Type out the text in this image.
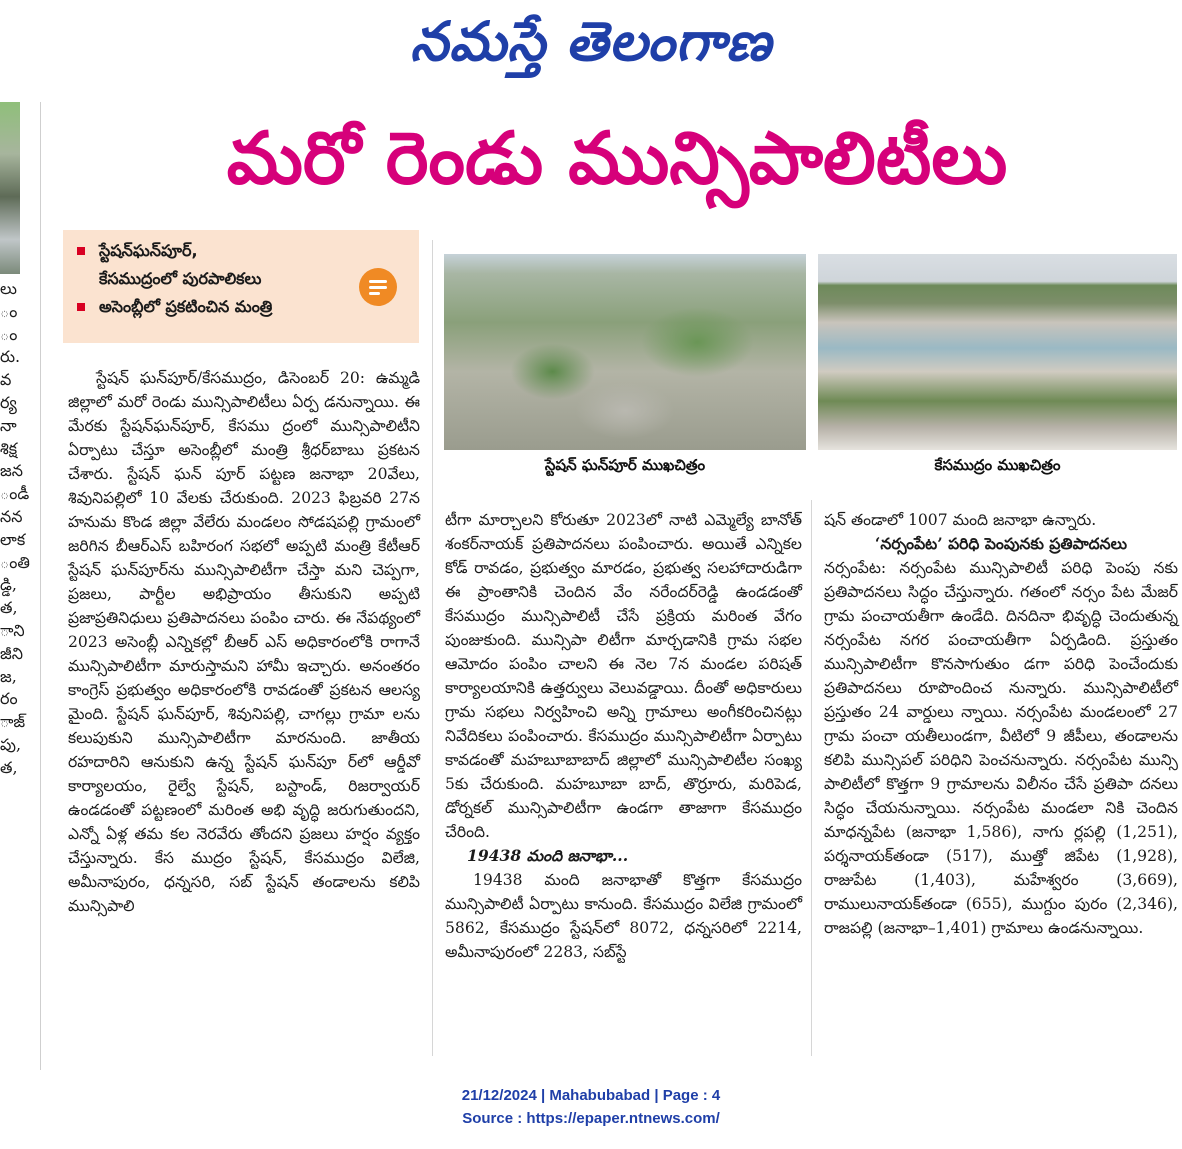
నమస్తే తెలంగాణ
లు
ం
ం
రు.
వ
ర్య
నా
శిక్ష
జన
ండీ
నన
లాక
ంతి
డ్డి,
త,
ాని
జీని
జ,
రం
ాజ్
పు,
త,
మరో రెండు మున్సిపాలిటీలు
స్టేషన్‌ఘన్‌పూర్,
కేసముద్రంలో పురపాలికలు
అసెంబ్లీలో ప్రకటించిన మంత్రి

స్టేషన్ ఘన్‌పూర్/కేసముద్రం, డిసెంబర్ 20: ఉమ్మడి జిల్లాలో మరో రెండు మున్సిపాలిటీలు ఏర్ప డనున్నాయి. ఈ మేరకు స్టేషన్‌ఘన్‌పూర్, కేసము ద్రంలో మున్సిపాలిటీని ఏర్పాటు చేస్తూ అసెంబ్లీలో మంత్రి శ్రీధర్‌బాబు ప్రకటన చేశారు. స్టేషన్ ఘన్ పూర్ పట్టణ జనాభా 20వేలు, శివునిపల్లిలో 10 వేలకు చేరుకుంది. 2023 ఫిబ్రవరి 27న హనుమ కొండ జిల్లా వేలేరు మండలం సోడషపల్లి గ్రామంలో జరిగిన బీఆర్‌ఎస్ బహిరంగ సభలో అప్పటి మంత్రి కేటీఆర్ స్టేషన్ ఘన్‌పూర్‌ను మున్సిపాలిటీగా చేస్తా మని చెప్పగా, ప్రజలు, పార్టీల అభిప్రాయం తీసుకుని అప్పటి ప్రజాప్రతినిధులు ప్రతిపాదనలు పంపిం చారు. ఈ నేపథ్యంలో 2023 అసెంబ్లీ ఎన్నికల్లో బీఆర్ ఎస్ అధికారంలోకి రాగానే మున్సిపాలిటీగా మారుస్తామని హామీ ఇచ్చారు. అనంతరం కాంగ్రెస్ ప్రభుత్వం అధికారంలోకి రావడంతో ప్రకటన ఆలస్య మైంది. స్టేషన్ ఘన్‌పూర్, శివునిపల్లి, చాగల్లు గ్రామా లను కలుపుకుని మున్సిపాలిటీగా మారనుంది. జాతీయ రహదారిని ఆనుకుని ఉన్న స్టేషన్ ఘన్‌పూ ర్‌లో ఆర్డీవో కార్యాలయం, రైల్వే స్టేషన్, బస్టాండ్, రిజర్వాయర్ ఉండడంతో పట్టణంలో మరింత అభి వృద్ధి జరుగుతుందని, ఎన్నో ఏళ్ల తమ కల నెరవేరు తోందని ప్రజలు హర్షం వ్యక్తం చేస్తున్నారు. కేస ముద్రం స్టేషన్, కేసముద్రం విలేజి, అమీనాపురం, ధన్నసరి, సబ్ స్టేషన్ తండాలను కలిపి మున్సిపాలి

స్టేషన్ ఘన్‌పూర్ ముఖచిత్రం	కేసముద్రం ముఖచిత్రం

టీగా మార్చాలని కోరుతూ 2023లో నాటి ఎమ్మెల్యే బానోత్ శంకర్‌నాయక్ ప్రతిపాదనలు పంపించారు. అయితే ఎన్నికల కోడ్ రావడం, ప్రభుత్వం మారడం, ప్రభుత్వ సలహాదారుడిగా ఈ ప్రాంతానికి చెందిన వేం నరేందర్‌రెడ్డి ఉండడంతో కేసముద్రం మున్సిపాలిటీ చేసే ప్రక్రియ మరింత వేగం పుంజుకుంది. మున్సిపా లిటీగా మార్చడానికి గ్రామ సభల ఆమోదం పంపిం చాలని ఈ నెల 7న మండల పరిషత్ కార్యాలయానికి ఉత్తర్వులు వెలువడ్డాయి. దీంతో అధికారులు గ్రామ సభలు నిర్వహించి అన్ని గ్రామాలు అంగీకరించినట్లు నివేదికలు పంపించారు. కేసముద్రం మున్సిపాలిటీగా ఏర్పాటు కావడంతో మహబూబాబాద్ జిల్లాలో మున్సిపాలిటీల సంఖ్య 5కు చేరుకుంది. మహబూబా బాద్, తొర్రూరు, మరిపెడ, డోర్నకల్ మున్సిపాలిటీగా ఉండగా తాజాగా కేసముద్రం చేరింది.

19438 మంది జనాభా...

19438 మంది జనాభాతో కొత్తగా కేసముద్రం మున్సిపాలిటీ ఏర్పాటు కానుంది. కేసముద్రం విలేజి గ్రామంలో 5862, కేసముద్రం స్టేషన్‌లో 8072, ధన్నసరిలో 2214, అమీనాపురంలో 2283, సబ్‌స్టే

షన్ తండాలో 1007 మంది జనాభా ఉన్నారు.

‘నర్సంపేట’ పరిధి పెంపునకు ప్రతిపాదనలు

నర్సంపేట: నర్సంపేట మున్సిపాలిటీ పరిధి పెంపు నకు ప్రతిపాదనలు సిద్ధం చేస్తున్నారు. గతంలో నర్సం పేట మేజర్ గ్రామ పంచాయతీగా ఉండేది. దినదినా భివృద్ధి చెందుతున్న నర్సంపేట నగర పంచాయతీగా ఏర్పడింది. ప్రస్తుతం మున్సిపాలిటీగా కొనసాగుతుం డగా పరిధి పెంచేందుకు ప్రతిపాదనలు రూపొందించ నున్నారు. మున్సిపాలిటీలో ప్రస్తుతం 24 వార్డులు న్నాయి. నర్సంపేట మండలంలో 27 గ్రామ పంచా యతీలుండగా, వీటిలో 9 జీపీలు, తండాలను కలిపి మున్సిపల్ పరిధిని పెంచనున్నారు. నర్సంపేట మున్సి పాలిటీలో కొత్తగా 9 గ్రామాలను విలీనం చేసే ప్రతిపా దనలు సిద్ధం చేయనున్నాయి. నర్సంపేట మండలా నికి చెందిన మాధన్నపేట (జనాభా 1,586), నాగు ర్లపల్లి (1,251), పర్శనాయక్‌తండా (517), ముత్తో జిపేట (1,928), రాజుపేట (1,403), మహేశ్వరం (3,669), రాములునాయక్‌తండా (655), ముగ్దుం పురం (2,346), రాజపల్లి (జనాభా–1,401) గ్రామాలు ఉండనున్నాయి.

21/12/2024 | Mahabubabad | Page : 4
Source : https://epaper.ntnews.com/
